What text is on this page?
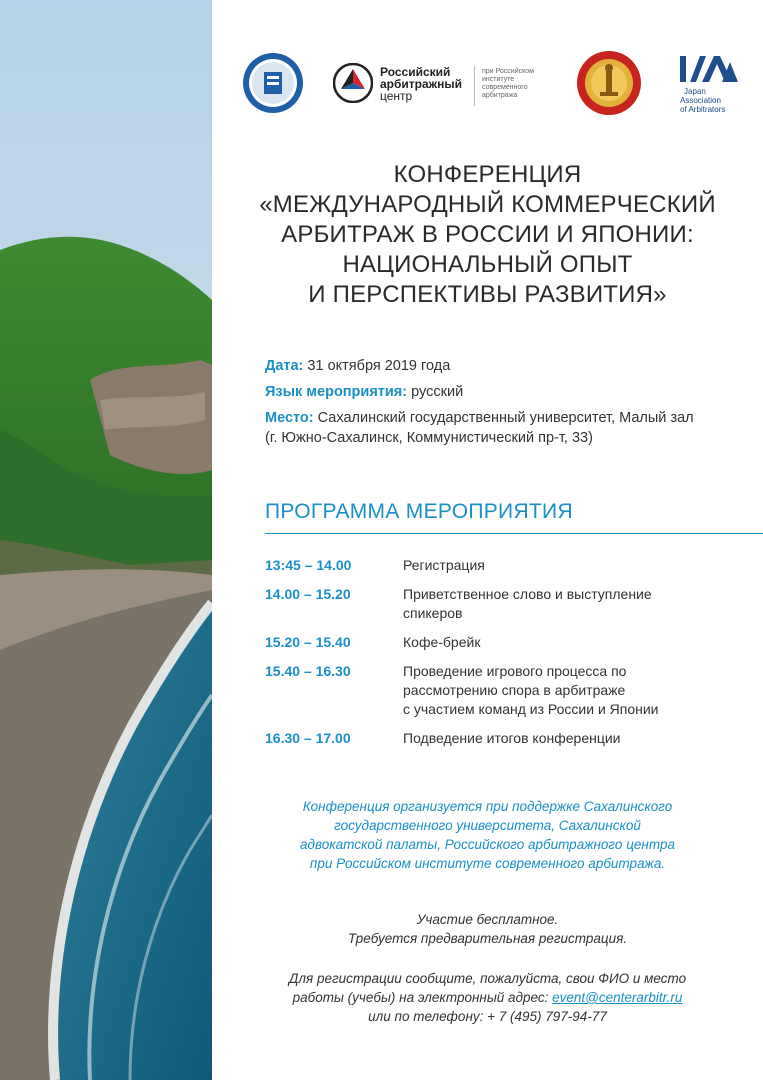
Российский
арбитражный
центр
при Российском
институте
современного
арбитража	Japan
Association
of Arbitrators
КОНФЕРЕНЦИЯ
«МЕЖДУНАРОДНЫЙ КОММЕРЧЕСКИЙ
АРБИТРАЖ В РОССИИ И ЯПОНИИ:
НАЦИОНАЛЬНЫЙ ОПЫТ
И ПЕРСПЕКТИВЫ РАЗВИТИЯ»
Дата: 31 октября 2019 года
Язык мероприятия: русский
Место: Сахалинский государственный университет, Малый зал
(г. Южно-Сахалинск, Коммунистический пр-т, 33)
ПРОГРАММА МЕРОПРИЯТИЯ
13:45 – 14.00	Регистрация
14.00 – 15.20	Приветственное слово и выступление
спикеров
15.20 – 15.40	Кофе-брейк
15.40 – 16.30	Проведение игрового процесса по
рассмотрению спора в арбитраже
с участием команд из России и Японии
16.30 – 17.00	Подведение итогов конференции
Конференция организуется при поддержке Сахалинского
государственного университета, Сахалинской
адвокатской палаты, Российского арбитражного центра
при Российском институте современного арбитража.
Участие бесплатное.
Требуется предварительная регистрация.
Для регистрации сообщите, пожалуйста, свои ФИО и место
работы (учебы) на электронный адрес: event@centerarbitr.ru
или по телефону: + 7 (495) 797-94-77
